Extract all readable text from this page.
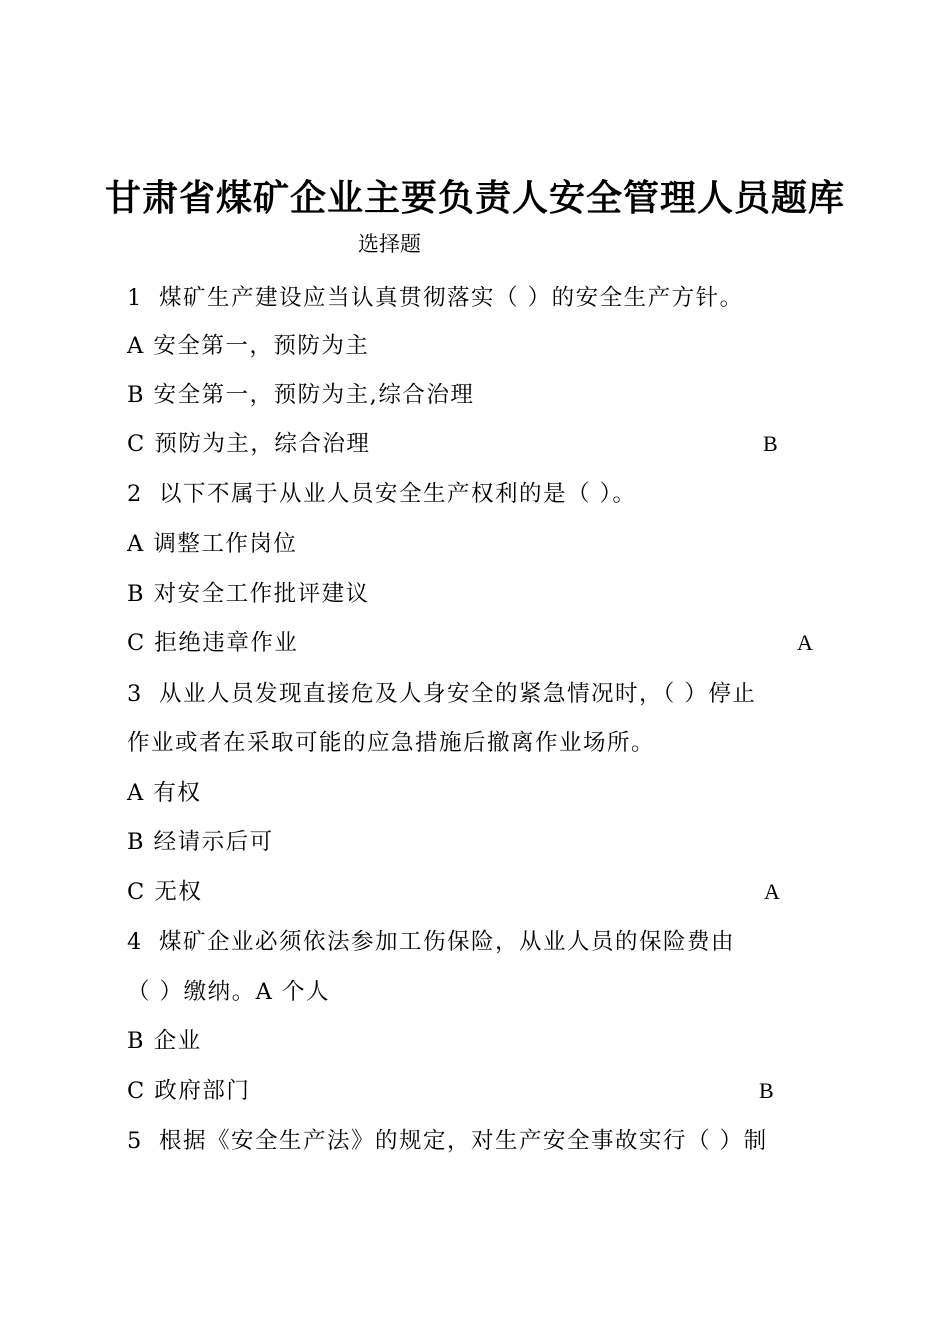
甘肃省煤矿企业主要负责人安全管理人员题库
选择题
1 煤矿生产建设应当认真贯彻落实（ ）的安全生产方针。
A 安全第一，预防为主
B 安全第一，预防为主,综合治理
C 预防为主，综合治理	B
2 以下不属于从业人员安全生产权利的是（ ）。
A 调整工作岗位
B 对安全工作批评建议
C 拒绝违章作业	A
3 从业人员发现直接危及人身安全的紧急情况时，（ ）停止
作业或者在采取可能的应急措施后撤离作业场所。
A 有权
B 经请示后可
C 无权	A
4 煤矿企业必须依法参加工伤保险，从业人员的保险费由
（ ）缴纳。A 个人
B 企业
C 政府部门	B
5 根据《安全生产法》的规定，对生产安全事故实行（ ）制
